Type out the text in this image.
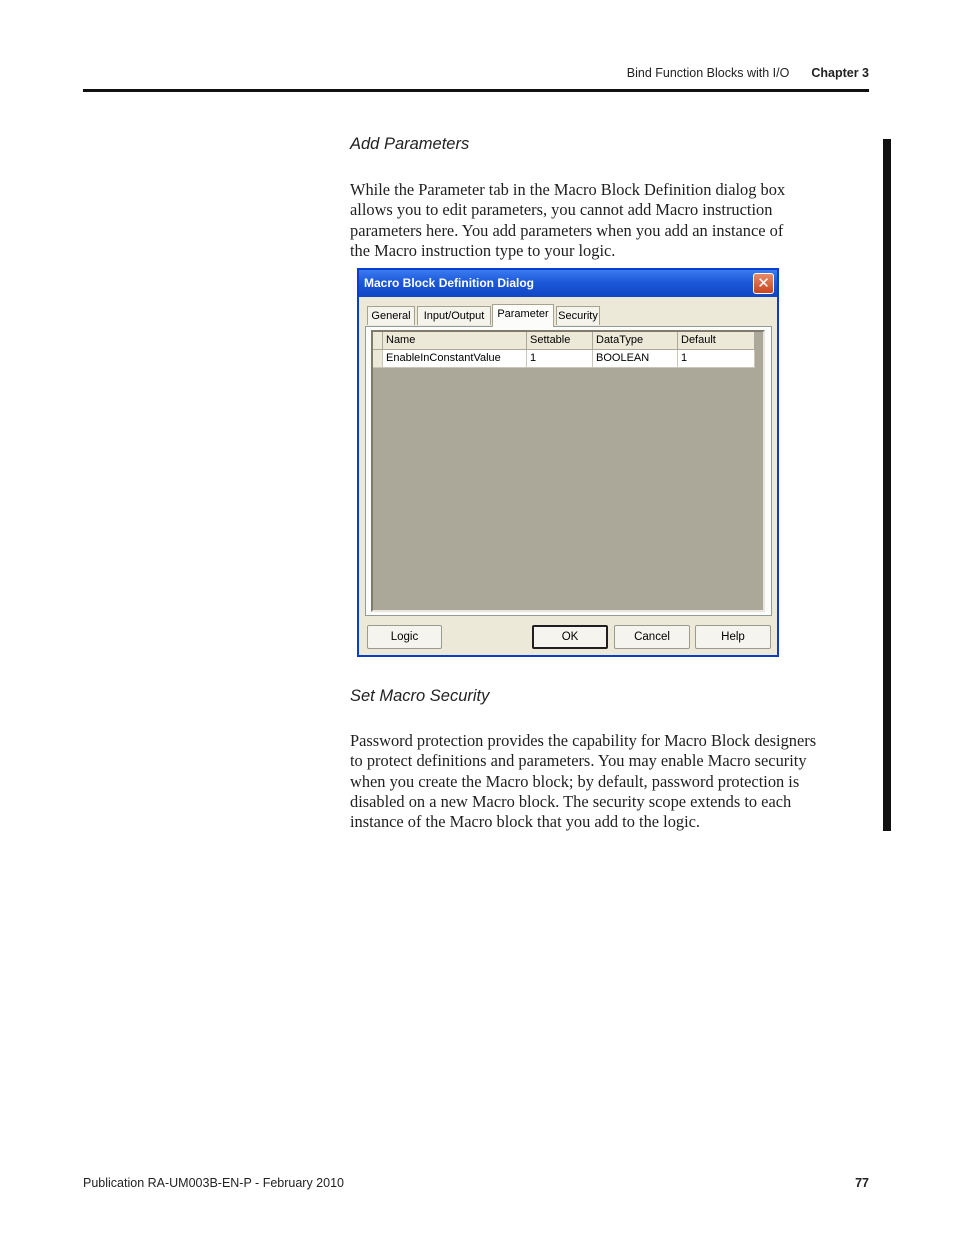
Bind Function Blocks with I/O Chapter 3
Add Parameters
While the Parameter tab in the Macro Block Definition dialog box
allows you to edit parameters, you cannot add Macro instruction
parameters here. You add parameters when you add an instance of
the Macro instruction type to your logic.
Macro Block Definition Dialog	✕
General	Input/Output	Parameter Security
Name	Settable	DataType	Default
EnableInConstantValue	1	BOOLEAN	1
Logic	OK	Cancel	Help
Set Macro Security
Password protection provides the capability for Macro Block designers
to protect definitions and parameters. You may enable Macro security
when you create the Macro block; by default, password protection is
disabled on a new Macro block. The security scope extends to each
instance of the Macro block that you add to the logic.
Publication RA-UM003B-EN-P - February 2010	77
